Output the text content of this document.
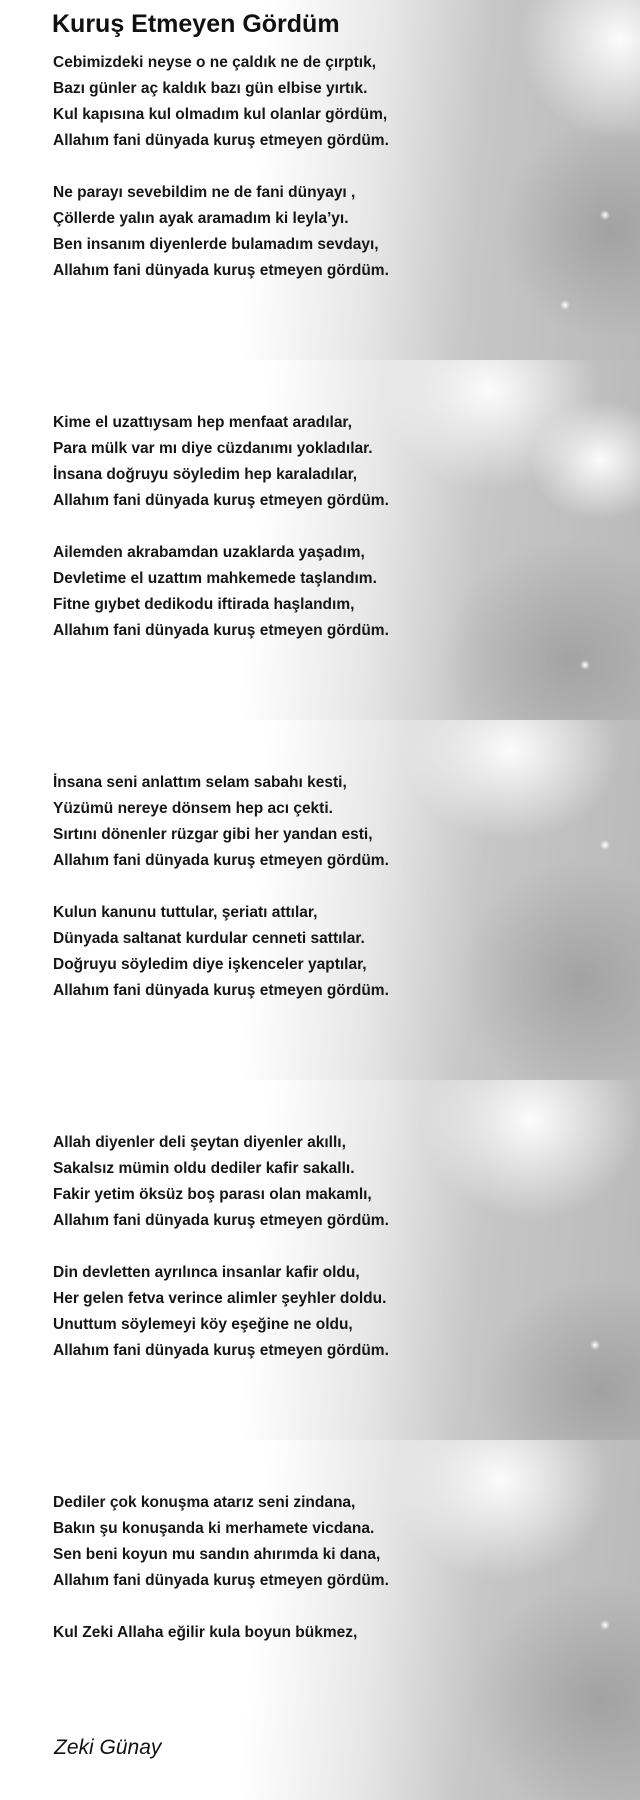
Kuruş Etmeyen Gördüm
Cebimizdeki neyse o ne çaldık ne de çırptık,
Bazı günler aç kaldık bazı gün elbise yırtık.
Kul kapısına kul olmadım kul olanlar gördüm,
Allahım fani dünyada kuruş etmeyen gördüm.
Ne parayı sevebildim ne de fani dünyayı ,
Çöllerde yalın ayak aramadım ki leyla’yı.
Ben insanım diyenlerde bulamadım sevdayı,
Allahım fani dünyada kuruş etmeyen gördüm.
Kime el uzattıysam hep menfaat aradılar,
Para mülk var mı diye cüzdanımı yokladılar.
İnsana doğruyu söyledim hep karaladılar,
Allahım fani dünyada kuruş etmeyen gördüm.
Ailemden akrabamdan uzaklarda yaşadım,
Devletime el uzattım mahkemede taşlandım.
Fitne gıybet dedikodu iftirada haşlandım,
Allahım fani dünyada kuruş etmeyen gördüm.
İnsana seni anlattım selam sabahı kesti,
Yüzümü nereye dönsem hep acı çekti.
Sırtını dönenler rüzgar gibi her yandan esti,
Allahım fani dünyada kuruş etmeyen gördüm.
Kulun kanunu tuttular, şeriatı attılar,
Dünyada saltanat kurdular cenneti sattılar.
Doğruyu söyledim diye işkenceler yaptılar,
Allahım fani dünyada kuruş etmeyen gördüm.
Allah diyenler deli şeytan diyenler akıllı,
Sakalsız mümin oldu dediler kafir sakallı.
Fakir yetim öksüz boş parası olan makamlı,
Allahım fani dünyada kuruş etmeyen gördüm.
Din devletten ayrılınca insanlar kafir oldu,
Her gelen fetva verince alimler şeyhler doldu.
Unuttum söylemeyi köy eşeğine ne oldu,
Allahım fani dünyada kuruş etmeyen gördüm.
Dediler çok konuşma atarız seni zindana,
Bakın şu konuşanda ki merhamete vicdana.
Sen beni koyun mu sandın ahırımda ki dana,
Allahım fani dünyada kuruş etmeyen gördüm.
Kul Zeki Allaha eğilir kula boyun bükmez,

Zeki Günay
